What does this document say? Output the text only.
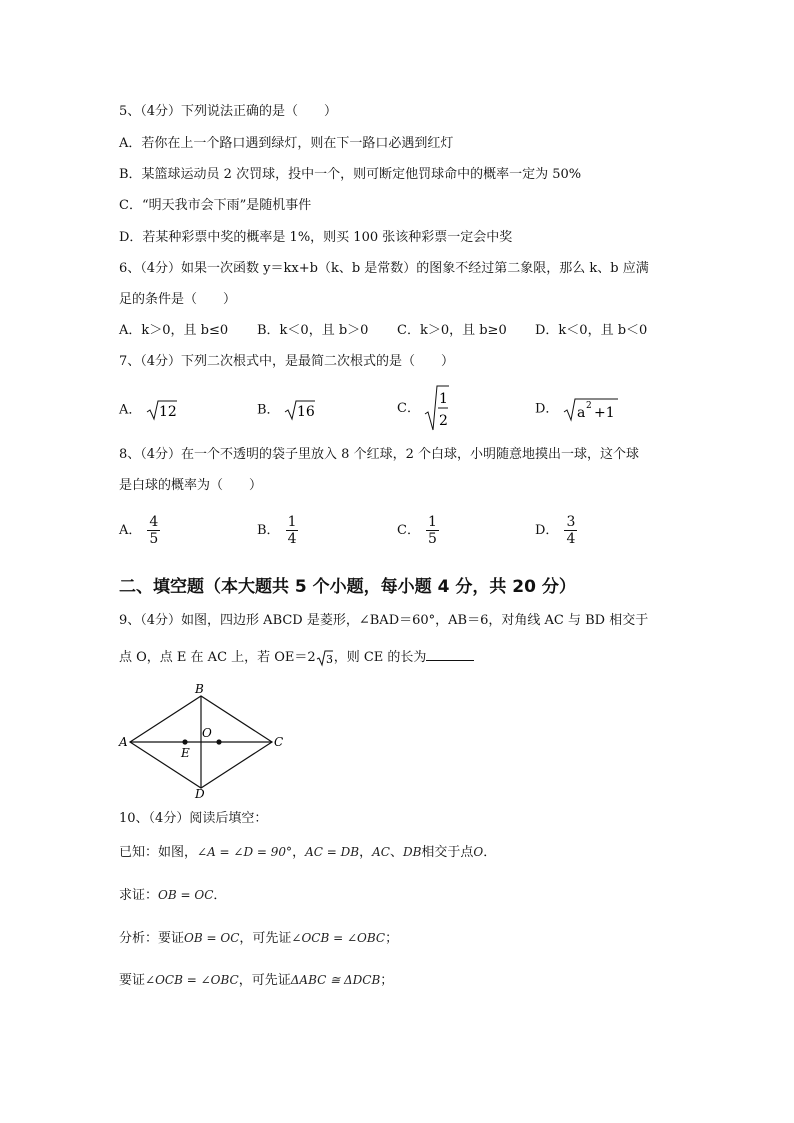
5、（4分）下列说法正确的是（　　）
A．若你在上一个路口遇到绿灯，则在下一路口必遇到红灯
B．某篮球运动员 2 次罚球，投中一个，则可断定他罚球命中的概率一定为 50%
C．“明天我市会下雨”是随机事件
D．若某种彩票中奖的概率是 1%，则买 100 张该种彩票一定会中奖
6、（4分）如果一次函数 y＝kx+b（k、b 是常数）的图象不经过第二象限，那么 k、b 应满
足的条件是（　　）
A．k＞0，且 b≤0 B．k＜0，且 b＞0 C．k＞0，且 b≥0 D．k＜0，且 b＜0
7、（4分）下列二次根式中，是最简二次根式的是（　　）
A． 12	B． 16	C．
1
2
D． a 2 +1
8、（4分）在一个不透明的袋子里放入 8 个红球，2 个白球，小明随意地摸出一球，这个球
是白球的概率为（　　）
A． $\frac{4}{5}$	B． $\frac{1}{4}$	C． $\frac{1}{5}$	D． $\frac{3}{4}$
二、填空题（本大题共 5 个小题，每小题 4 分，共 20 分）
9、（4分）如图，四边形 ABCD 是菱形，∠BAD＝60°，AB＝6，对角线 AC 与 BD 相交于
点 O，点 E 在 AC 上，若 OE＝2 3 ，则 CE 的长为
B
A	C
D
O
E
10、（4分）阅读后填空：
已知：如图，∠A = ∠D = 90°，AC = DB，AC、DB相交于点O．
求证：OB = OC．
分析：要证OB = OC，可先证∠OCB = ∠OBC；
要证∠OCB = ∠OBC，可先证ΔABC ≅ ΔDCB；
